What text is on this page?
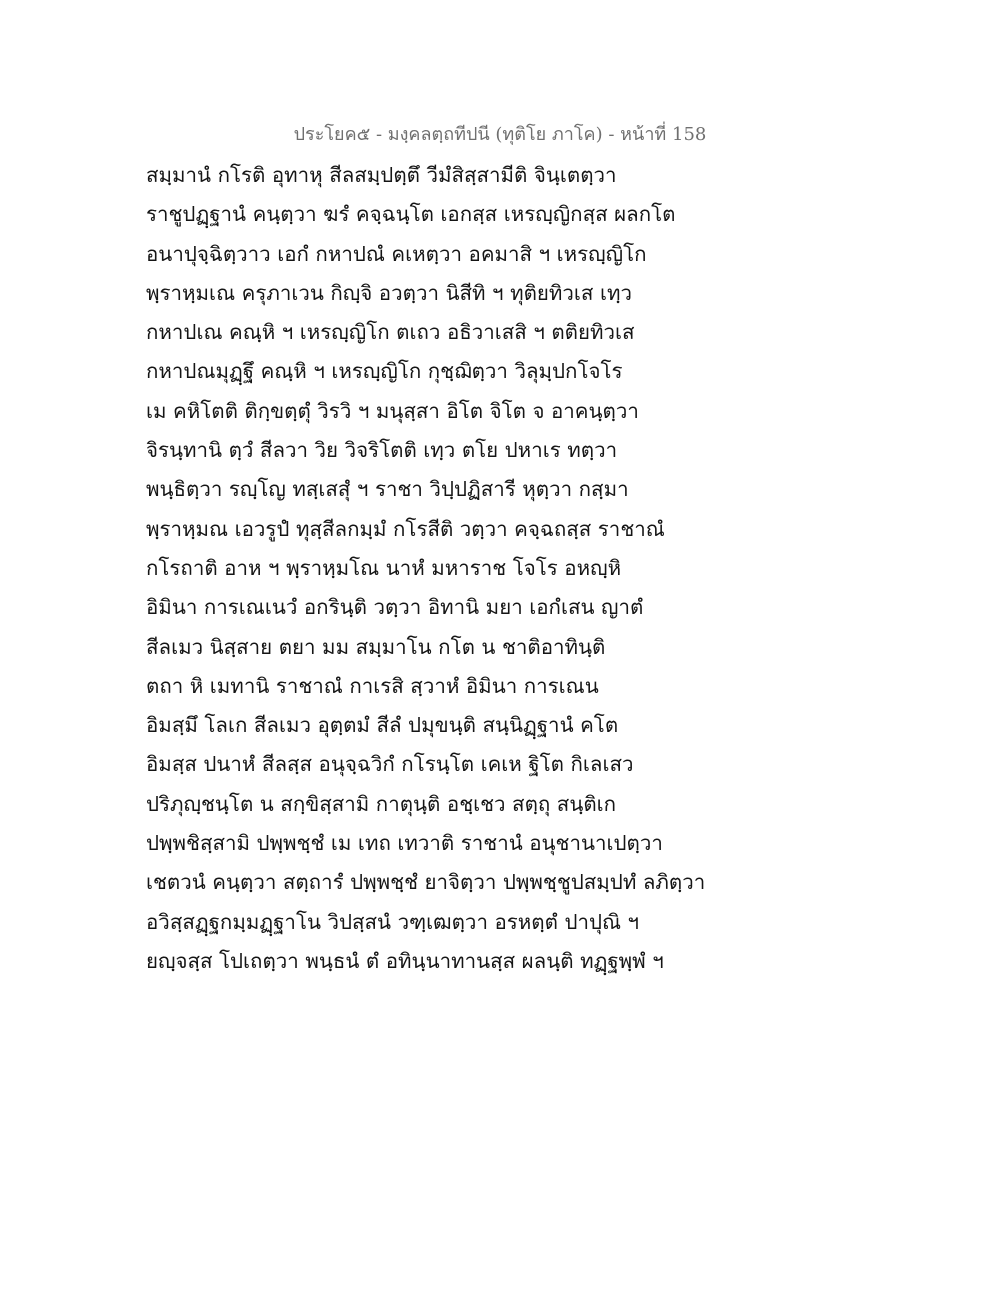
ประโยค๕ - มงฺคลตฺถทีปนี (ทุติโย ภาโค) - หน้าที่ 158
สมฺมานํ กโรติ อุทาหุ สีลสมฺปตฺตึ วีมํสิสฺสามีติ จินฺเตตฺวา
ราชูปฏฺฐานํ คนฺตฺวา ฆรํ คจฺฉนฺโต เอกสฺส เหรญฺญิกสฺส ผลกโต
อนาปุจฺฉิตฺวาว เอกํ กหาปณํ คเหตฺวา อคมาสิ ฯ เหรญฺญิโก
พฺราหฺมเณ ครุภาเวน กิญฺจิ อวตฺวา นิสีทิ ฯ ทุติยทิวเส เทฺว
กหาปเณ คณฺหิ ฯ เหรญฺญิโก ตเถว อธิวาเสสิ ฯ ตติยทิวเส
กหาปณมุฏฺฐึ คณฺหิ ฯ เหรญฺญิโก กุชฺฌิตฺวา วิลุมฺปกโจโร
เม คหิโตติ ติกฺขตฺตุํ วิรวิ ฯ มนุสฺสา อิโต จิโต จ อาคนฺตฺวา
จิรนฺทานิ ตฺวํ สีลวา วิย วิจริโตติ เทฺว ตโย ปหาเร ทตฺวา
พนฺธิตฺวา รญฺโญ ทสฺเสสุํ ฯ ราชา วิปฺปฏิสารี หุตฺวา กสฺมา
พฺราหฺมณ เอวรูปํ ทุสฺสีลกมฺมํ กโรสีติ วตฺวา คจฺฉถสฺส ราชาณํ
กโรถาติ อาห ฯ พฺราหฺมโณ นาหํ มหาราช โจโร อหญฺหิ
อิมินา การเณเนวํ อกรินฺติ วตฺวา อิทานิ มยา เอกํเสน ญาตํ
สีลเมว นิสฺสาย ตยา มม สมฺมาโน กโต น ชาติอาทินฺติ
ตถา หิ เมทานิ ราชาณํ กาเรสิ สฺวาหํ อิมินา การเณน
อิมสฺมึ โลเก สีลเมว อุตฺตมํ สีลํ ปมุขนฺติ สนฺนิฏฺฐานํ คโต
อิมสฺส ปนาหํ สีลสฺส อนุจฺฉวิกํ กโรนฺโต เคเห ฐิโต กิเลเสว
ปริภุญฺชนฺโต น สกฺขิสฺสามิ กาตุนฺติ อชฺเชว สตฺถุ สนฺติเก
ปพฺพชิสฺสามิ ปพฺพชฺชํ เม เทถ เทวาติ ราชานํ อนุชานาเปตฺวา
เชตวนํ คนฺตฺวา สตฺถารํ ปพฺพชฺชํ ยาจิตฺวา ปพฺพชฺชูปสมฺปทํ ลภิตฺวา
อวิสฺสฏฺฐกมฺมฏฺฐาโน วิปสฺสนํ วฑฺเฒตฺวา อรหตฺตํ ปาปุณิ ฯ
ยญฺจสฺส โปเถตฺวา พนฺธนํ ตํ อทินฺนาทานสฺส ผลนฺติ ทฏฺฐพฺพํ ฯ
